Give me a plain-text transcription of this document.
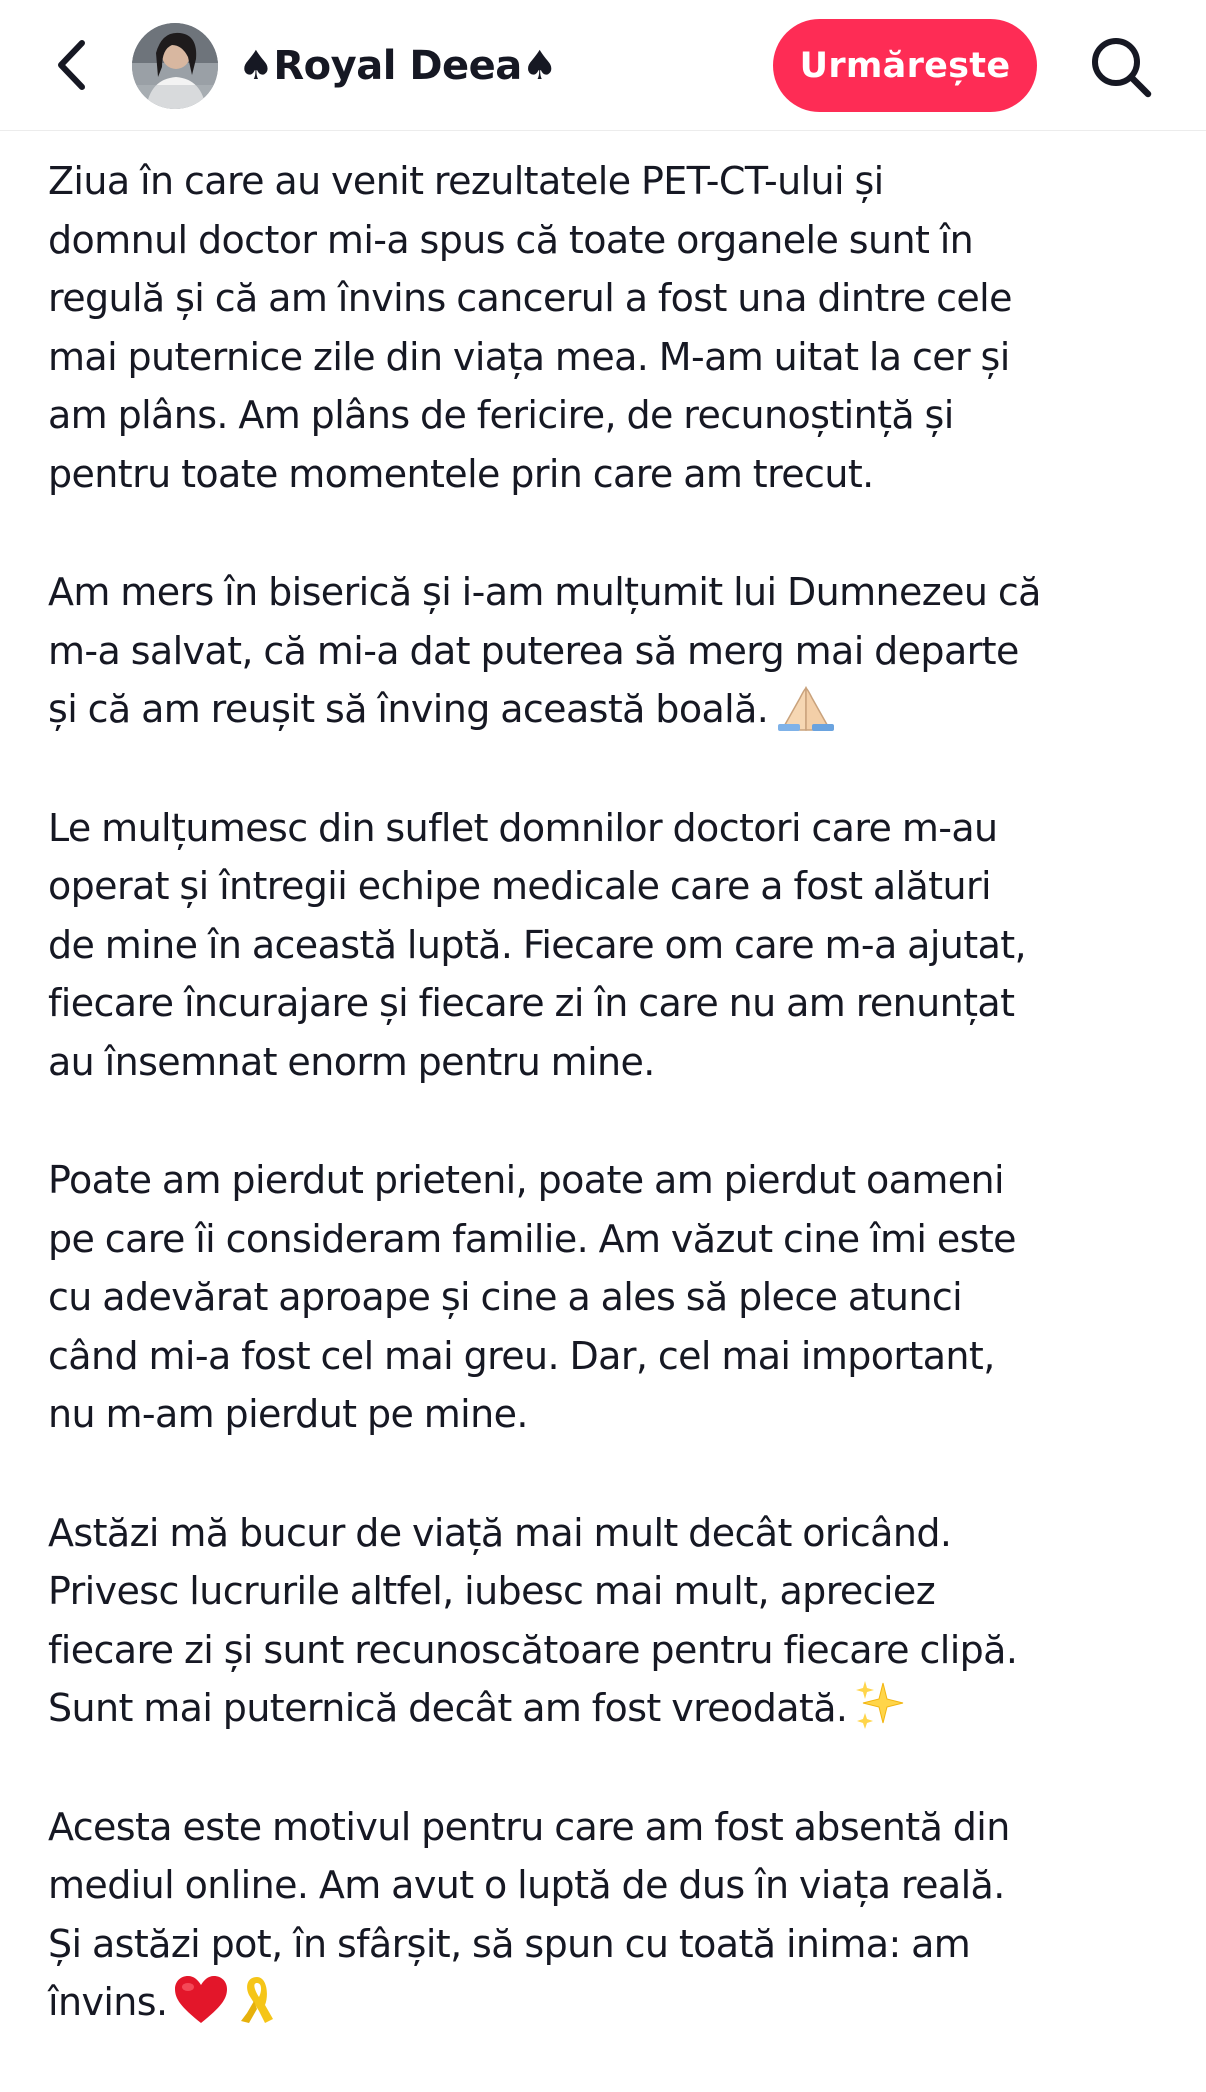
♠Royal Deea♠	Urmărește

Ziua în care au venit rezultatele PET-CT-ului și
domnul doctor mi-a spus că toate organele sunt în
regulă și că am învins cancerul a fost una dintre cele
mai puternice zile din viața mea. M-am uitat la cer și
am plâns. Am plâns de fericire, de recunoștință și
pentru toate momentele prin care am trecut.

Am mers în biserică și i-am mulțumit lui Dumnezeu că
m-a salvat, că mi-a dat puterea să merg mai departe
și că am reușit să înving această boală.

Le mulțumesc din suflet domnilor doctori care m-au
operat și întregii echipe medicale care a fost alături
de mine în această luptă. Fiecare om care m-a ajutat,
fiecare încurajare și fiecare zi în care nu am renunțat
au însemnat enorm pentru mine.

Poate am pierdut prieteni, poate am pierdut oameni
pe care îi consideram familie. Am văzut cine îmi este
cu adevărat aproape și cine a ales să plece atunci
când mi-a fost cel mai greu. Dar, cel mai important,
nu m-am pierdut pe mine.

Astăzi mă bucur de viață mai mult decât oricând.
Privesc lucrurile altfel, iubesc mai mult, apreciez
fiecare zi și sunt recunoscătoare pentru fiecare clipă.
Sunt mai puternică decât am fost vreodată.

Acesta este motivul pentru care am fost absentă din
mediul online. Am avut o luptă de dus în viața reală.
Și astăzi pot, în sfârșit, să spun cu toată inima: am
învins.
